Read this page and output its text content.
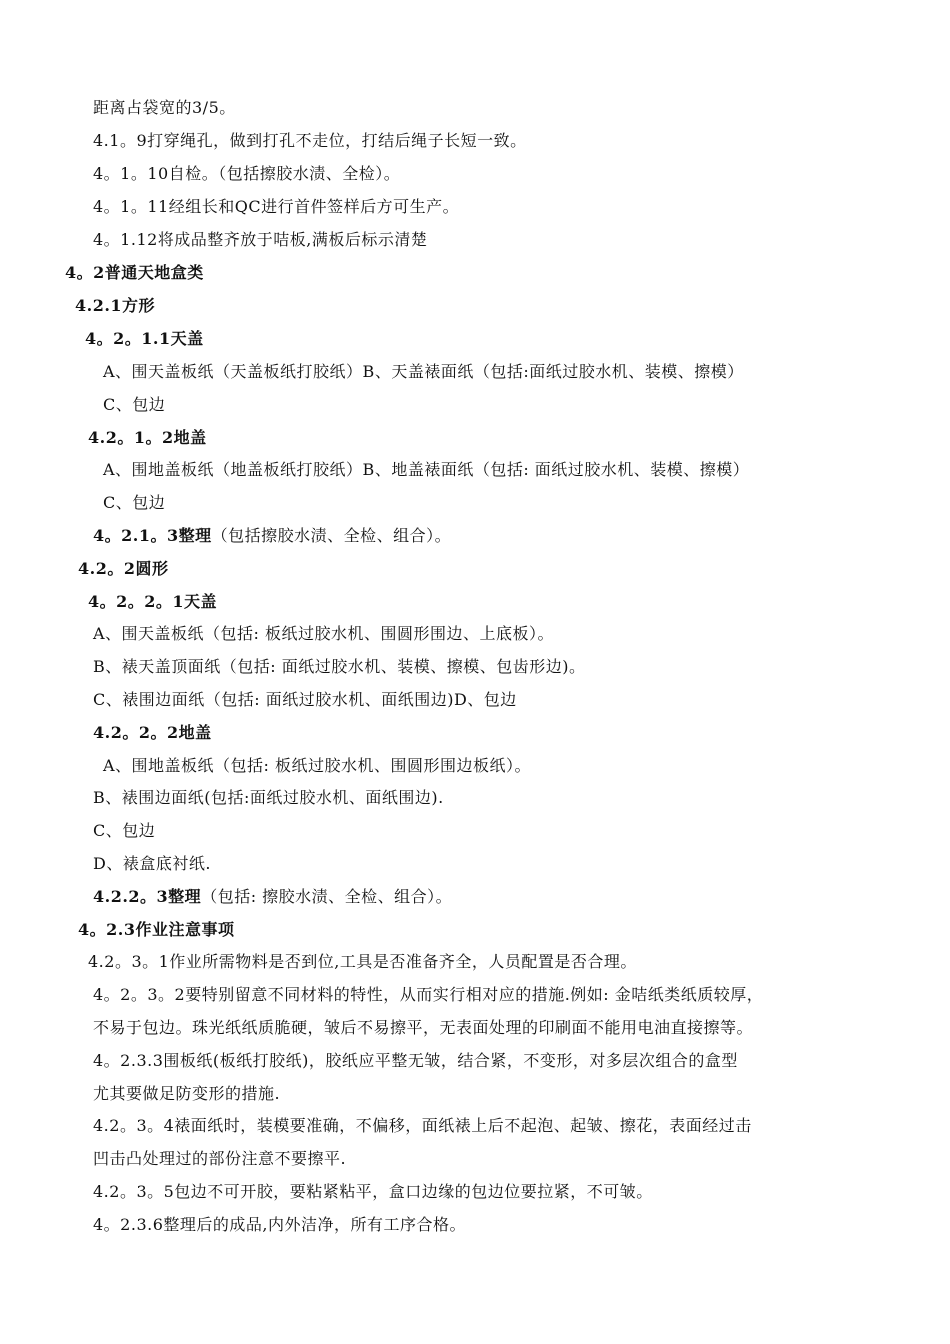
距离占袋宽的3/5。
4.1。9打穿绳孔，做到打孔不走位，打结后绳子长短一致。
4。1。10自检。（包括擦胶水渍、全检）。
4。1。11经组长和QC进行首件签样后方可生产。
4。1.12将成品整齐放于咭板,满板后标示清楚
4。2普通天地盒类
4.2.1方形
4。2。1.1天盖
A、围天盖板纸（天盖板纸打胶纸）B、天盖裱面纸（包括:面纸过胶水机、装模、擦模）
C、包边
4.2。1。2地盖
A、围地盖板纸（地盖板纸打胶纸）B、地盖裱面纸（包括: 面纸过胶水机、装模、擦模）
C、包边
4。2.1。3整理（包括擦胶水渍、全检、组合）。
4.2。2圆形
4。2。2。1天盖
A、围天盖板纸（包括: 板纸过胶水机、围圆形围边、上底板）。
B、裱天盖顶面纸（包括: 面纸过胶水机、装模、擦模、包齿形边)。
C、裱围边面纸（包括: 面纸过胶水机、面纸围边)D、包边
4.2。2。2地盖
A、围地盖板纸（包括: 板纸过胶水机、围圆形围边板纸）。
B、裱围边面纸(包括:面纸过胶水机、面纸围边).
C、包边
D、裱盒底衬纸.
4.2.2。3整理（包括: 擦胶水渍、全检、组合）。
4。2.3作业注意事项
4.2。3。1作业所需物料是否到位,工具是否准备齐全，人员配置是否合理。
4。2。3。2要特别留意不同材料的特性，从而实行相对应的措施.例如: 金咭纸类纸质较厚，
不易于包边。珠光纸纸质脆硬，皱后不易擦平，无表面处理的印刷面不能用电油直接擦等。
4。2.3.3围板纸(板纸打胶纸)，胶纸应平整无皱，结合紧，不变形，对多层次组合的盒型
尤其要做足防变形的措施.
4.2。3。4裱面纸时，装模要准确，不偏移，面纸裱上后不起泡、起皱、擦花，表面经过击
凹击凸处理过的部份注意不要擦平.
4.2。3。5包边不可开胶，要粘紧粘平，盒口边缘的包边位要拉紧，不可皱。
4。2.3.6整理后的成品,内外洁净，所有工序合格。
